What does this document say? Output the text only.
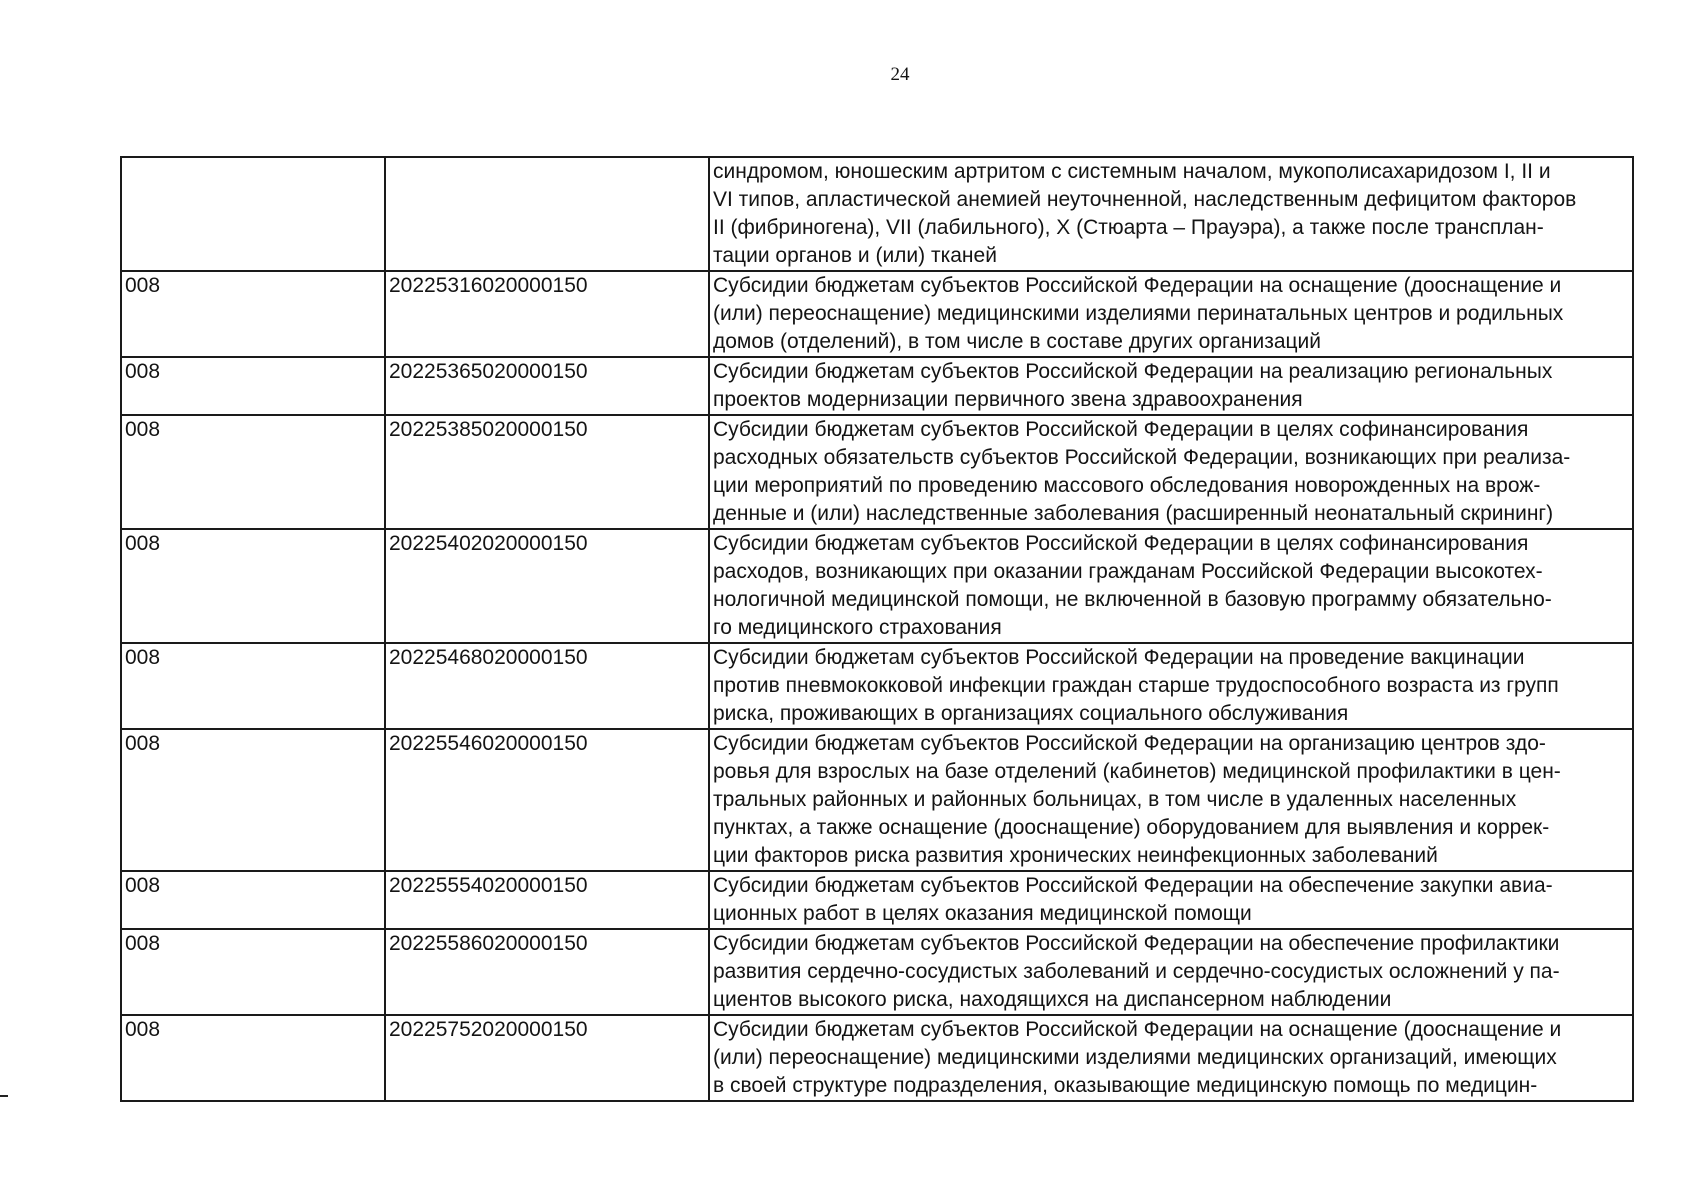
24

		синдромом, юношеским артритом с системным началом, мукополисахаридозом I, II и
VI типов, апластической анемией неуточненной, наследственным дефицитом факторов
II (фибриногена), VII (лабильного), X (Стюарта – Прауэра), а также после трансплан-
тации органов и (или) тканей

008	20225316020000150	Субсидии бюджетам субъектов Российской Федерации на оснащение (дооснащение и
(или) переоснащение) медицинскими изделиями перинатальных центров и родильных
домов (отделений), в том числе в составе других организаций

008	20225365020000150	Субсидии бюджетам субъектов Российской Федерации на реализацию региональных
проектов модернизации первичного звена здравоохранения

008	20225385020000150	Субсидии бюджетам субъектов Российской Федерации в целях софинансирования
расходных обязательств субъектов Российской Федерации, возникающих при реализа-
ции мероприятий по проведению массового обследования новорожденных на врож-
денные и (или) наследственные заболевания (расширенный неонатальный скрининг)

008	20225402020000150	Субсидии бюджетам субъектов Российской Федерации в целях софинансирования
расходов, возникающих при оказании гражданам Российской Федерации высокотех-
нологичной медицинской помощи, не включенной в базовую программу обязательно-
го медицинского страхования

008	20225468020000150	Субсидии бюджетам субъектов Российской Федерации на проведение вакцинации
против пневмококковой инфекции граждан старше трудоспособного возраста из групп
риска, проживающих в организациях социального обслуживания

008	20225546020000150	Субсидии бюджетам субъектов Российской Федерации на организацию центров здо-
ровья для взрослых на базе отделений (кабинетов) медицинской профилактики в цен-
тральных районных и районных больницах, в том числе в удаленных населенных
пунктах, а также оснащение (дооснащение) оборудованием для выявления и коррек-
ции факторов риска развития хронических неинфекционных заболеваний

008	20225554020000150	Субсидии бюджетам субъектов Российской Федерации на обеспечение закупки авиа-
ционных работ в целях оказания медицинской помощи

008	20225586020000150	Субсидии бюджетам субъектов Российской Федерации на обеспечение профилактики
развития сердечно-сосудистых заболеваний и сердечно-сосудистых осложнений у па-
циентов высокого риска, находящихся на диспансерном наблюдении

008	20225752020000150	Субсидии бюджетам субъектов Российской Федерации на оснащение (дооснащение и
(или) переоснащение) медицинскими изделиями медицинских организаций, имеющих
в своей структуре подразделения, оказывающие медицинскую помощь по медицин-
